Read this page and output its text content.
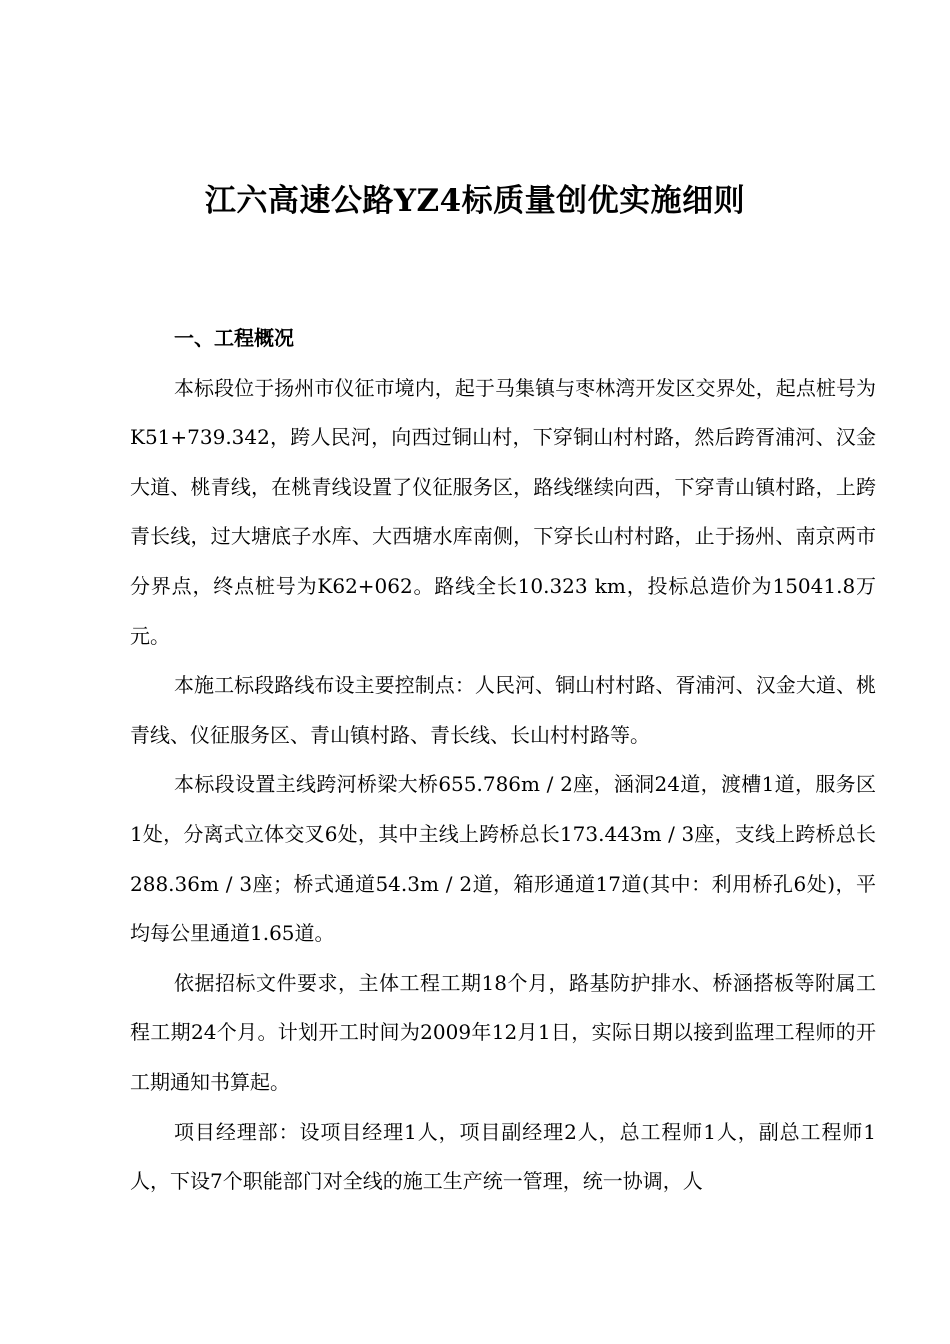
江六高速公路YZ4标质量创优实施细则

一、工程概况

本标段位于扬州市仪征市境内，起于马集镇与枣林湾开发区交界处，起点桩号为K51+739.342，跨人民河，向西过铜山村，下穿铜山村村路，然后跨胥浦河、汉金大道、桃青线，在桃青线设置了仪征服务区，路线继续向西，下穿青山镇村路，上跨青长线，过大塘底子水库、大西塘水库南侧，下穿长山村村路，止于扬州、南京两市分界点，终点桩号为K62+062。路线全长10.323 km，投标总造价为15041.8万元。

本施工标段路线布设主要控制点：人民河、铜山村村路、胥浦河、汉金大道、桃青线、仪征服务区、青山镇村路、青长线、长山村村路等。

本标段设置主线跨河桥梁大桥655.786m / 2座，涵洞24道，渡槽1道，服务区1处，分离式立体交叉6处，其中主线上跨桥总长173.443m / 3座，支线上跨桥总长288.36m / 3座；桥式通道54.3m / 2道，箱形通道17道(其中：利用桥孔6处)，平均每公里通道1.65道。

依据招标文件要求，主体工程工期18个月，路基防护排水、桥涵搭板等附属工程工期24个月。计划开工时间为2009年12月1日，实际日期以接到监理工程师的开工期通知书算起。

项目经理部：设项目经理1人，项目副经理2人，总工程师1人，副总工程师1人，下设7个职能部门对全线的施工生产统一管理，统一协调，人
